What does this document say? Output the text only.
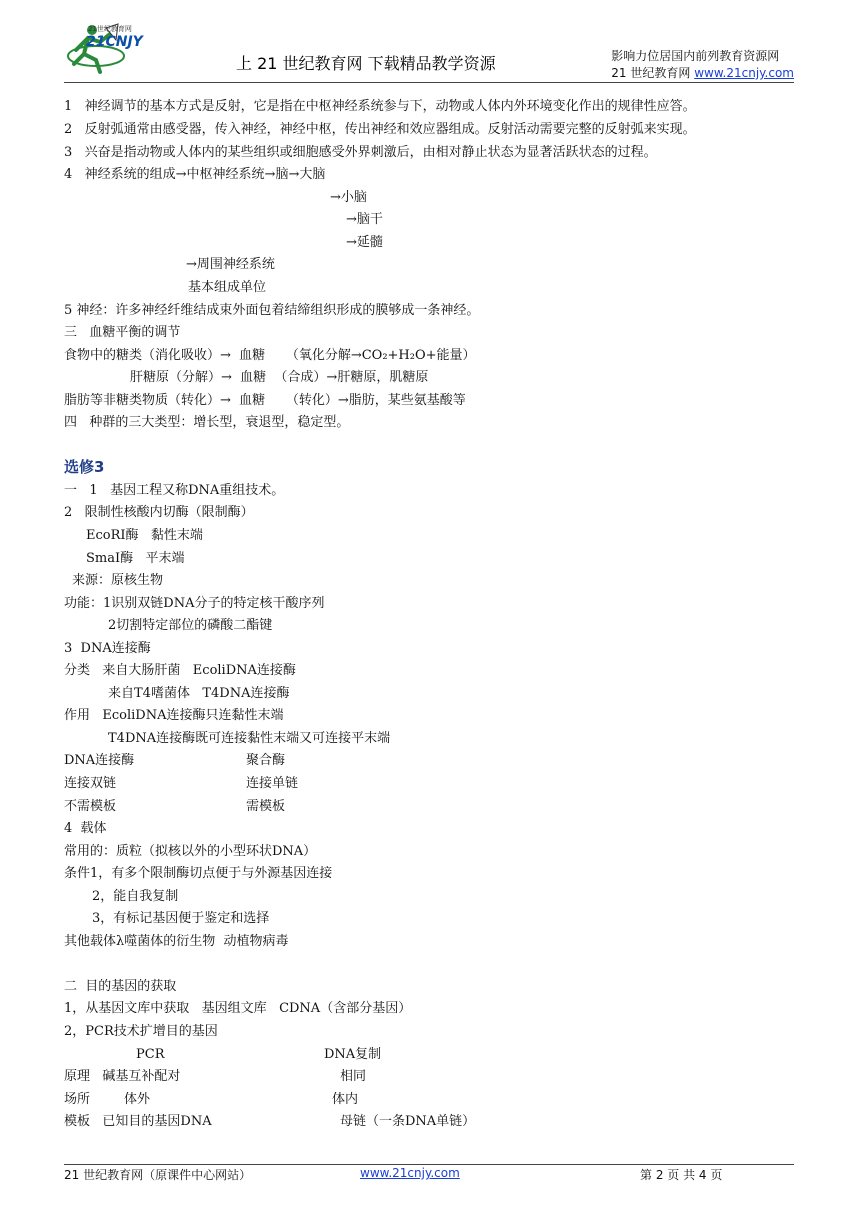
21世纪教育网
21CNJY
上 21 世纪教育网 下载精品教学资源	影响力位居国内前列教育资源网
21 世纪教育网 www.21cnjy.com
1   神经调节的基本方式是反射，它是指在中枢神经系统参与下，动物或人体内外环境变化作出的规律性应答。
2   反射弧通常由感受器，传入神经，神经中枢，传出神经和效应器组成。反射活动需要完整的反射弧来实现。
3   兴奋是指动物或人体内的某些组织或细胞感受外界刺激后，由相对静止状态为显著活跃状态的过程。
4   神经系统的组成→中枢神经系统→脑→大脑
→小脑
→脑干
→延髓
→周围神经系统
基本组成单位
5 神经：许多神经纤维结成束外面包着结缔组织形成的膜够成一条神经。
三   血糖平衡的调节
食物中的糖类（消化吸收）→  血糖     （氧化分解→CO₂+H₂O+能量）
肝糖原（分解）→  血糖  （合成）→肝糖原，肌糖原
脂肪等非糖类物质（转化）→  血糖     （转化）→脂肪，某些氨基酸等
四   种群的三大类型：增长型，衰退型，稳定型。
选修3
一   1   基因工程又称DNA重组技术。
2   限制性核酸内切酶（限制酶）
EcoRⅠ酶   黏性末端
SmaⅠ酶   平末端
来源：原核生物
功能：1识别双链DNA分子的特定核干酸序列
2切割特定部位的磷酸二酯键
3  DNA连接酶
分类   来自大肠肝菌   EcoliDNA连接酶
来自T4嗜菌体   T4DNA连接酶
作用   EcoliDNA连接酶只连黏性末端
T4DNA连接酶既可连接黏性末端又可连接平末端
DNA连接酶	聚合酶
连接双链	连接单链
不需模板	需模板
4  载体
常用的：质粒（拟核以外的小型环状DNA）
条件1，有多个限制酶切点便于与外源基因连接
2，能自我复制
3，有标记基因便于鉴定和选择
其他载体λ噬菌体的衍生物  动植物病毒
二  目的基因的获取
1，从基因文库中获取   基因组文库   CDNA（含部分基因）
2，PCR技术扩增目的基因
PCR	DNA复制
原理   碱基互补配对	相同
场所	体外	体内
模板   已知目的基因DNA	母链（一条DNA单链）
21 世纪教育网（原课件中心网站）	www.21cnjy.com	第 2 页 共 4 页
